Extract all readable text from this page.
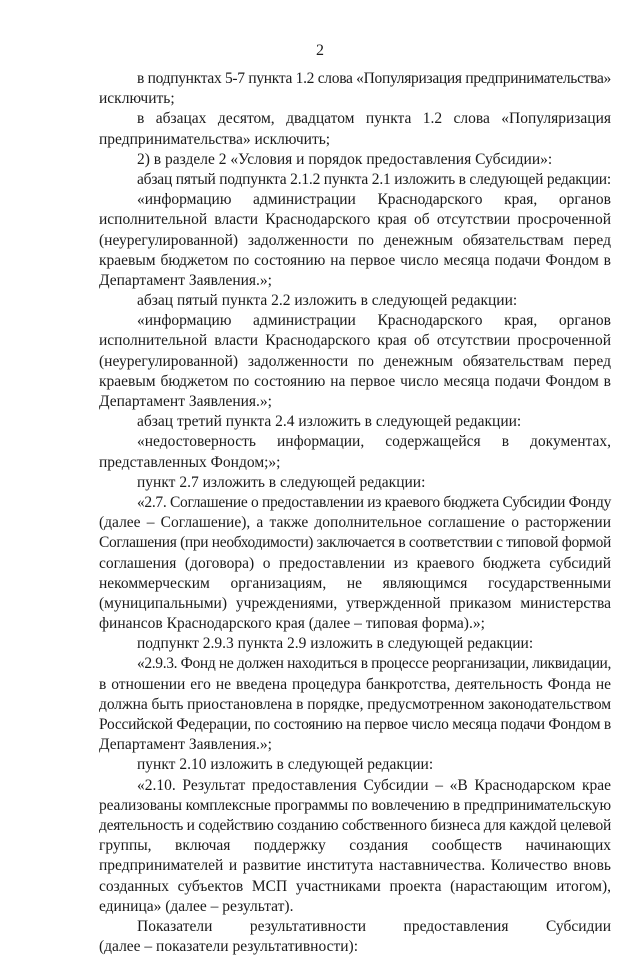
2
в подпунктах 5-7 пункта 1.2 слова «Популяризация предпринимательства»
исключить;
в абзацах десятом, двадцатом пункта 1.2 слова «Популяризация
предпринимательства» исключить;
2) в разделе 2 «Условия и порядок предоставления Субсидии»:
абзац пятый подпункта 2.1.2 пункта 2.1 изложить в следующей редакции:
«информацию администрации Краснодарского края, органов
исполнительной власти Краснодарского края об отсутствии просроченной
(неурегулированной) задолженности по денежным обязательствам перед
краевым бюджетом по состоянию на первое число месяца подачи Фондом в
Департамент Заявления.»;
абзац пятый пункта 2.2 изложить в следующей редакции:
«информацию администрации Краснодарского края, органов
исполнительной власти Краснодарского края об отсутствии просроченной
(неурегулированной) задолженности по денежным обязательствам перед
краевым бюджетом по состоянию на первое число месяца подачи Фондом в
Департамент Заявления.»;
абзац третий пункта 2.4 изложить в следующей редакции:
«недостоверность информации, содержащейся в документах,
представленных Фондом;»;
пункт 2.7 изложить в следующей редакции:
«2.7. Соглашение о предоставлении из краевого бюджета Субсидии Фонду
(далее – Соглашение), а также дополнительное соглашение о расторжении
Соглашения (при необходимости) заключается в соответствии с типовой формой
соглашения (договора) о предоставлении из краевого бюджета субсидий
некоммерческим организациям, не являющимся государственными
(муниципальными) учреждениями, утвержденной приказом министерства
финансов Краснодарского края (далее – типовая форма).»;
подпункт 2.9.3 пункта 2.9 изложить в следующей редакции:
«2.9.3. Фонд не должен находиться в процессе реорганизации, ликвидации,
в отношении его не введена процедура банкротства, деятельность Фонда не
должна быть приостановлена в порядке, предусмотренном законодательством
Российской Федерации, по состоянию на первое число месяца подачи Фондом в
Департамент Заявления.»;
пункт 2.10 изложить в следующей редакции:
«2.10. Результат предоставления Субсидии – «В Краснодарском крае
реализованы комплексные программы по вовлечению в предпринимательскую
деятельность и содействию созданию собственного бизнеса для каждой целевой
группы, включая поддержку создания сообществ начинающих
предпринимателей и развитие института наставничества. Количество вновь
созданных субъектов МСП участниками проекта (нарастающим итогом),
единица» (далее – результат).
Показатели результативности предоставления Субсидии
(далее – показатели результативности):
